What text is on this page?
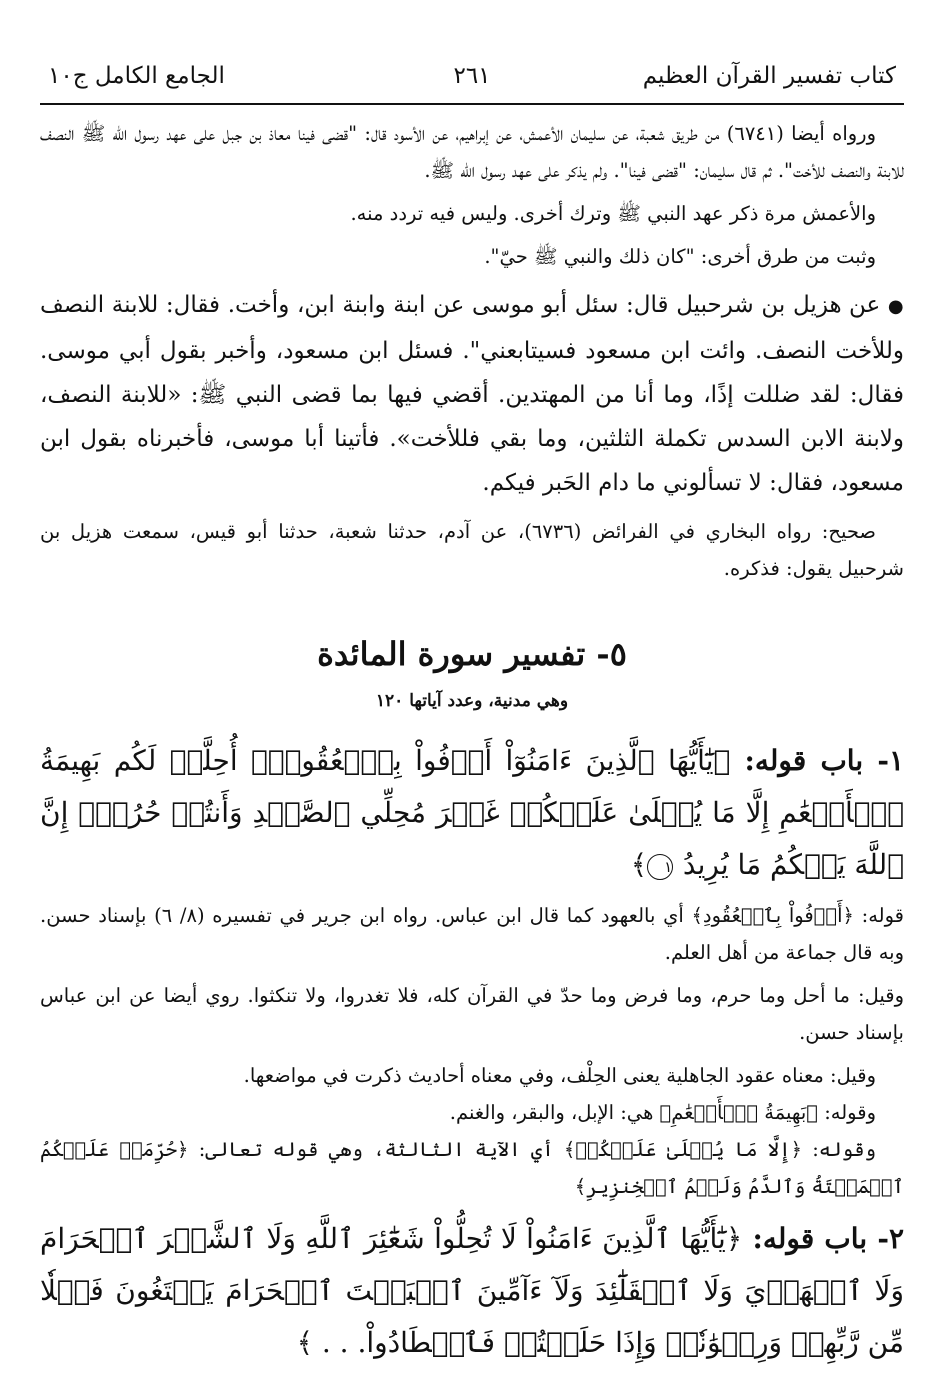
كتاب تفسير القرآن العظيم
٢٦١
الجامع الكامل ج١٠

ورواه أيضا (٦٧٤١) من طريق شعبة، عن سليمان الأعمش، عن إبراهيم، عن الأسود قال: "قضى فينا معاذ بن جبل على عهد رسول الله ﷺ النصف للابنة والنصف للأخت". ثم قال سليمان: "قضى فينا". ولم يذكر على عهد رسول الله ﷺ.

والأعمش مرة ذكر عهد النبي ﷺ وترك أخرى. وليس فيه تردد منه.

وثبت من طرق أخرى: "كان ذلك والنبي ﷺ حيّ".

● عن هزيل بن شرحبيل قال: سئل أبو موسى عن ابنة وابنة ابن، وأخت. فقال: للابنة النصف وللأخت النصف. وائت ابن مسعود فسيتابعني". فسئل ابن مسعود، وأخبر بقول أبي موسى. فقال: لقد ضللت إذًا، وما أنا من المهتدين. أقضي فيها بما قضى النبي ﷺ: «للابنة النصف، ولابنة الابن السدس تكملة الثلثين، وما بقي فللأخت». فأتينا أبا موسى، فأخبرناه بقول ابن مسعود، فقال: لا تسألوني ما دام الحَبر فيكم.

صحيح: رواه البخاري في الفرائض (٦٧٣٦)، عن آدم، حدثنا شعبة، حدثنا أبو قيس، سمعت هزيل بن شرحبيل يقول: فذكره.

٥- تفسير سورة المائدة
وهي مدنية، وعدد آياتها ١٢٠

١- باب قوله: ﴿يَٰٓأَيُّهَا ٱلَّذِينَ ءَامَنُوٓاْ أَوۡفُواْ بِٱلۡعُقُودِۚ أُحِلَّتۡ لَكُم بَهِيمَةُ ٱلۡأَنۡعَٰمِ إِلَّا مَا يُتۡلَىٰ عَلَيۡكُمۡ غَيۡرَ مُحِلِّي ٱلصَّيۡدِ وَأَنتُمۡ حُرُمٌۗ إِنَّ ٱللَّهَ يَحۡكُمُ مَا يُرِيدُ ١﴾

قوله: ﴿أَوۡفُواْ بِٱلۡعُقُودِ﴾ أي بالعهود كما قال ابن عباس. رواه ابن جرير في تفسيره (٨/ ٦) بإسناد حسن. وبه قال جماعة من أهل العلم.

وقيل: ما أحل وما حرم، وما فرض وما حدّ في القرآن كله، فلا تغدروا، ولا تنكثوا. روي أيضا عن ابن عباس بإسناد حسن.

وقيل: معناه عقود الجاهلية يعنى الحِلْف، وفي معناه أحاديث ذكرت في مواضعها.

وقوله: ﴿بَهِيمَةُ ٱلۡأَنۡعَٰمِ﴾ هي: الإبل، والبقر، والغنم.

وقوله: ﴿إِلَّا مَا يُتۡلَىٰ عَلَيۡكُمۡ﴾ أي الآية الثالثة، وهي قوله تعالى: ﴿حُرِّمَتۡ عَلَيۡكُمُ ٱلۡمَيۡتَةُ وَٱلدَّمُ وَلَحۡمُ ٱلۡخِنزِيرِ﴾

٢- باب قوله: ﴿يَٰٓأَيُّهَا ٱلَّذِينَ ءَامَنُواْ لَا تُحِلُّواْ شَعَٰٓئِرَ ٱللَّهِ وَلَا ٱلشَّهۡرَ ٱلۡحَرَامَ وَلَا ٱلۡهَدۡيَ وَلَا ٱلۡقَلَٰٓئِدَ وَلَآ ءَآمِّينَ ٱلۡبَيۡتَ ٱلۡحَرَامَ يَبۡتَغُونَ فَضۡلٗا مِّن رَّبِّهِمۡ وَرِضۡوَٰنٗاۚ وَإِذَا حَلَلۡتُمۡ فَٱصۡطَادُواْ. . . ﴾
